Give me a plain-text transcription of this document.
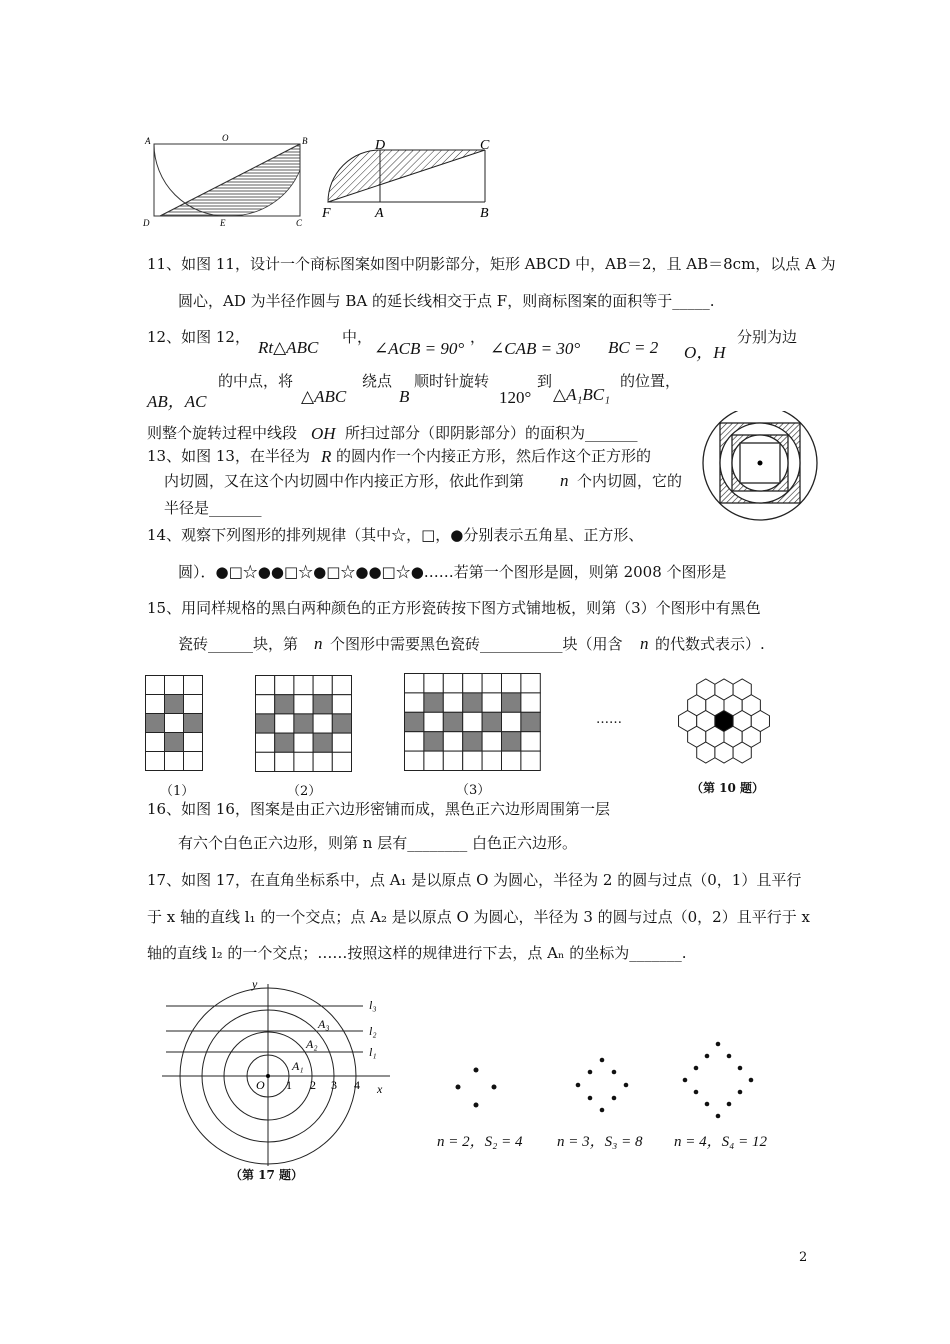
A	O	B
D	E	C
D	C
F	A	B
11、如图 11，设计一个商标图案如图中阴影部分，矩形 ABCD 中，AB＝2，且 AB＝8cm，以点 A 为
圆心，AD 为半径作圆与 BA 的延长线相交于点 F，则商标图案的面积等于_____.
12、如图 12，
Rt△ABC
中，
∠ACB = 90°
，
∠CAB = 30° BC = 2 O，H
分别为边
AB，AC
的中点，将
△ABC
绕点
B
顺时针旋转
120°
到
△A₁BC₁
的位置，
则整个旋转过程中线段 OH 所扫过部分（即阴影部分）的面积为_______
13、如图 13，在半径为 R 的圆内作一个内接正方形，然后作这个正方形的
内切圆，又在这个内切圆中作内接正方形，依此作到第 n 个内切圆，它的
半径是_______
14、观察下列图形的排列规律（其中☆，□，●分别表示五角星、正方形、
圆）．●□☆●●□☆●□☆●●□☆●……若第一个图形是圆，则第 2008 个图形是
15、用同样规格的黑白两种颜色的正方形瓷砖按下图方式铺地板，则第（3）个图形中有黑色
瓷砖______块，第 n 个图形中需要黑色瓷砖___________块（用含 n 的代数式表示）.
（1）	（2）	（3）
……
（第 10 题）
16、如图 16，图案是由正六边形密铺而成，黑色正六边形周围第一层
有六个白色正六边形，则第 n 层有________ 白色正六边形。
17、如图 17，在直角坐标系中，点 A₁ 是以原点 O 为圆心，半径为 2 的圆与过点（0，1）且平行
于 x 轴的直线 l₁ 的一个交点；点 A₂ 是以原点 O 为圆心，半径为 3 的圆与过点（0，2）且平行于 x
轴的直线 l₂ 的一个交点；……按照这样的规律进行下去，点 Aₙ 的坐标为_______.
y
x
O 1 2 3 4
l₃
l₂
l₁
A₃
A₂
A₁
（第 17 题）
n = 2，S₂ = 4 n = 3，S₃ = 8 n = 4，S₄ = 12
2
